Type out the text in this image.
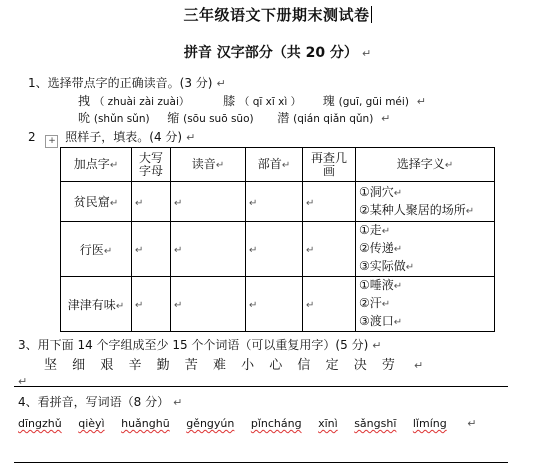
三年级语文下册期末测试卷
拼音 汉字部分（共 20 分） ↵
1、选择带点字的正确读音。(3 分) ↵
拽 （ zhuài zài zuài）	膝 （ qī xī xì ） 瑰 (guī, gūi méi) ↵
吮 (shǔn sǔn) 缩 (sōu suō sūo) 潜 (qián qiǎn qǔn) ↵
2 + 照样子，填表。(4 分) ↵
加点字↵	大写字母	读音↵	部首↵	再查几画	选择字义↵
贫民窟↵	↵	↵	↵	↵	①洞穴↵
②某种人聚居的场所↵

行医↵	↵	↵	↵	↵	①走↵
②传递↵
③实际做↵

津津有味↵	↵	↵	↵	↵	①唾液↵
②汗↵
③渡口↵
3、用下面 14 个字组成至少 15 个个词语（可以重复用字）(5 分) ↵
坚 细 艰 辛 勤 苦 难 小 心 信 定 决 劳 ↵
↵
4、看拼音，写词语（8 分） ↵
dīngzhǔ qièyì huǎnghū gěngyún pǐnchánɡ xīnì sǎngshī lǐmíng ↵
